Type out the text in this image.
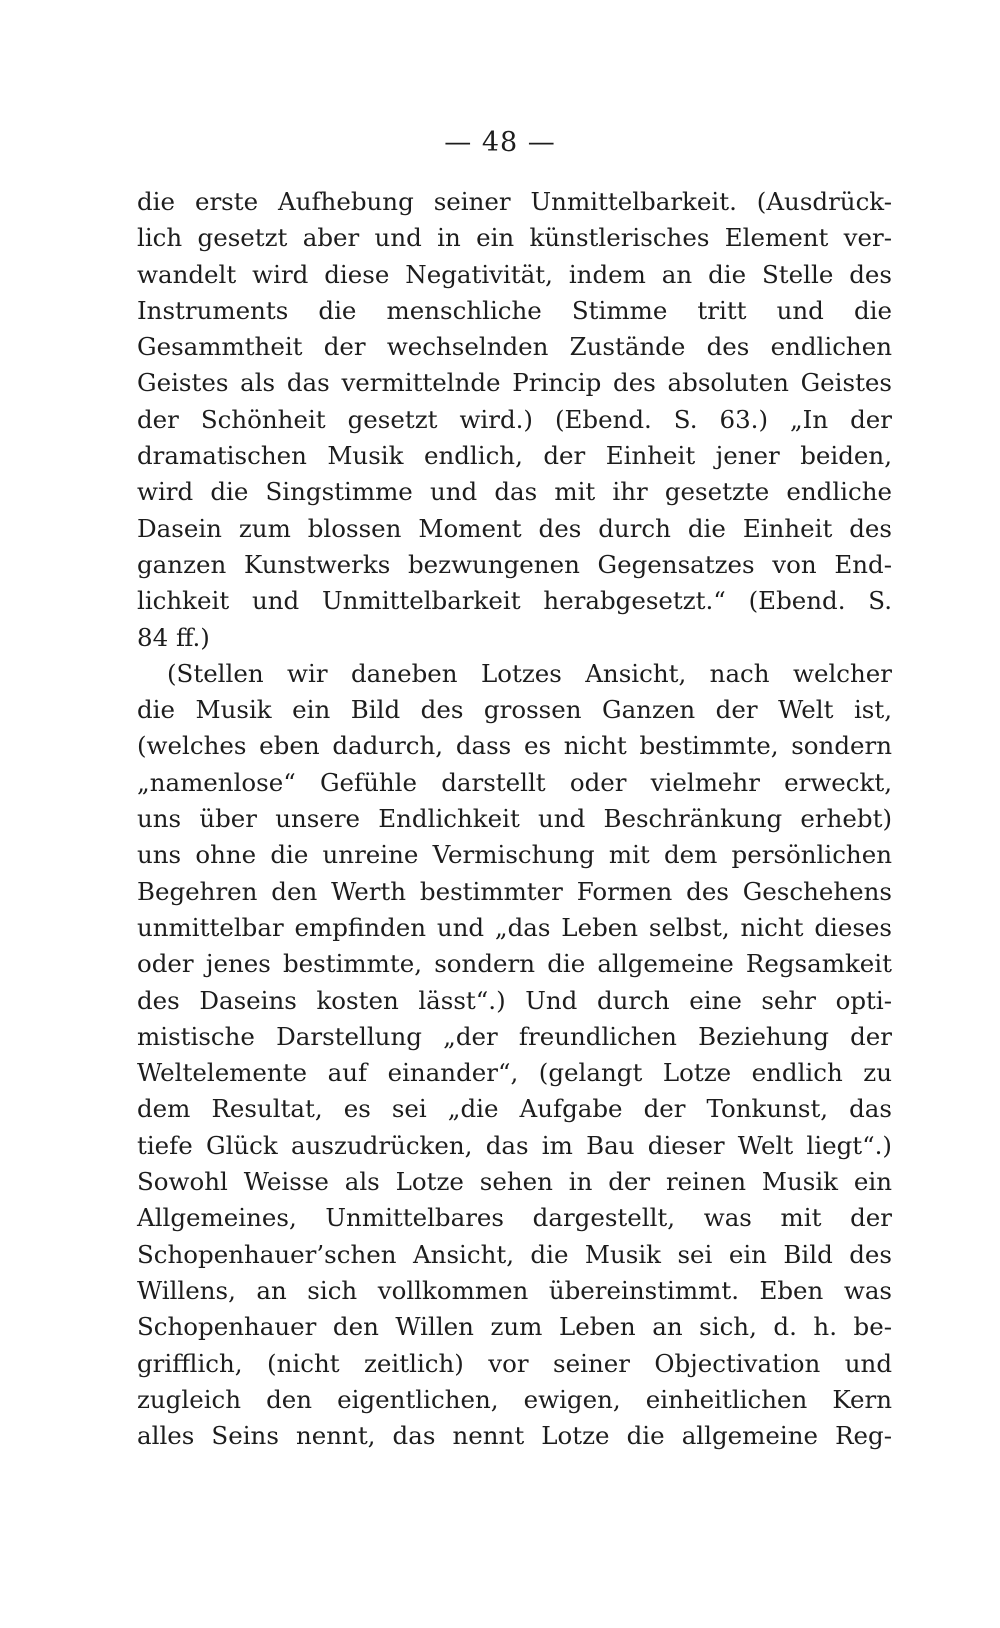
— 48 —
die erste Aufhebung seiner Unmittelbarkeit. (Ausdrück-
lich gesetzt aber und in ein künstlerisches Element ver-
wandelt wird diese Negativität, indem an die Stelle des
Instruments die menschliche Stimme tritt und die
Gesammtheit der wechselnden Zustände des endlichen
Geistes als das vermittelnde Princip des absoluten Geistes
der Schönheit gesetzt wird.) (Ebend. S. 63.) „In der
dramatischen Musik endlich, der Einheit jener beiden,
wird die Singstimme und das mit ihr gesetzte endliche
Dasein zum blossen Moment des durch die Einheit des
ganzen Kunstwerks bezwungenen Gegensatzes von End-
lichkeit und Unmittelbarkeit herabgesetzt.“ (Ebend. S.
84 ff.)
(Stellen wir daneben Lotzes Ansicht, nach welcher
die Musik ein Bild des grossen Ganzen der Welt ist,
(welches eben dadurch, dass es nicht bestimmte, sondern
„namenlose“ Gefühle darstellt oder vielmehr erweckt,
uns über unsere Endlichkeit und Beschränkung erhebt)
uns ohne die unreine Vermischung mit dem persönlichen
Begehren den Werth bestimmter Formen des Geschehens
unmittelbar empfinden und „das Leben selbst, nicht dieses
oder jenes bestimmte, sondern die allgemeine Regsamkeit
des Daseins kosten lässt“.) Und durch eine sehr opti-
mistische Darstellung „der freundlichen Beziehung der
Weltelemente auf einander“, (gelangt Lotze endlich zu
dem Resultat, es sei „die Aufgabe der Tonkunst, das
tiefe Glück auszudrücken, das im Bau dieser Welt liegt“.)
Sowohl Weisse als Lotze sehen in der reinen Musik ein
Allgemeines, Unmittelbares dargestellt, was mit der
Schopenhauer’schen Ansicht, die Musik sei ein Bild des
Willens, an sich vollkommen übereinstimmt. Eben was
Schopenhauer den Willen zum Leben an sich, d. h. be-
grifflich, (nicht zeitlich) vor seiner Objectivation und
zugleich den eigentlichen, ewigen, einheitlichen Kern
alles Seins nennt, das nennt Lotze die allgemeine Reg-
